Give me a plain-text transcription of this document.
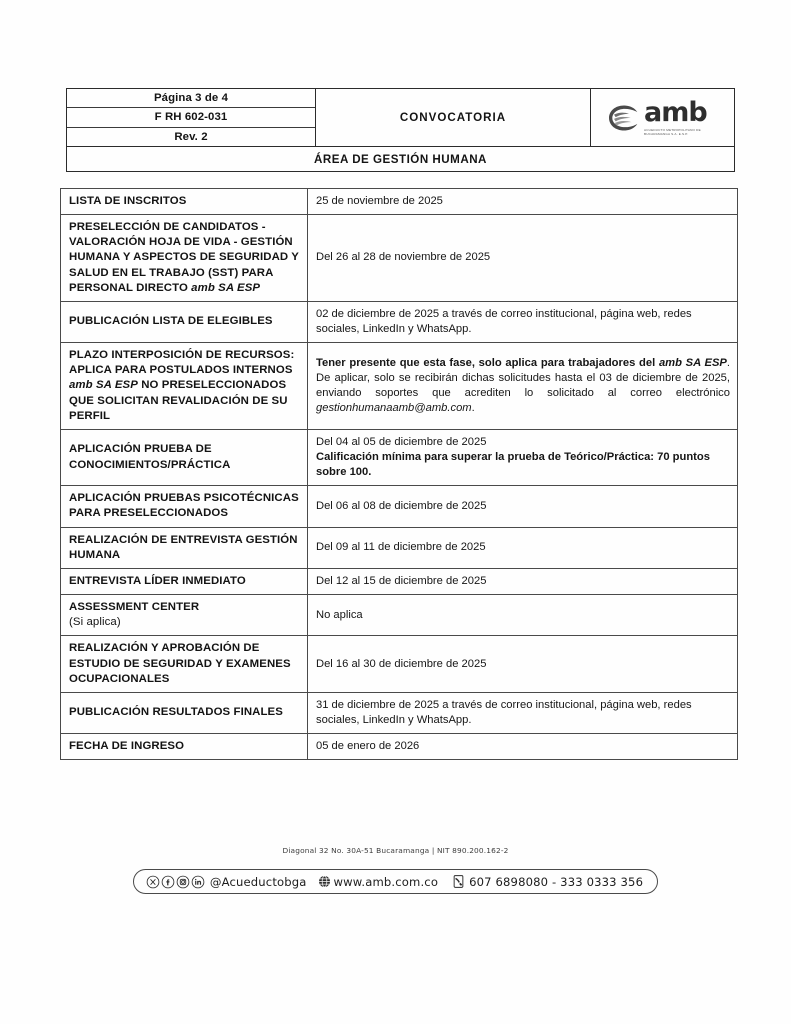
Página 3 de 4
F RH 602-031
Rev. 2
CONVOCATORIA	amb
ACUEDUCTO METROPOLITANO DE BUCARAMANGA S.A. E.S.P.
ÁREA DE GESTIÓN HUMANA
LISTA DE INSCRITOS	25 de noviembre de 2025

PRESELECCIÓN DE CANDIDATOS - VALORACIÓN HOJA DE VIDA - GESTIÓN HUMANA Y ASPECTOS DE SEGURIDAD Y SALUD EN EL TRABAJO (SST) PARA PERSONAL DIRECTO amb SA ESP	Del 26 al 28 de noviembre de 2025

PUBLICACIÓN LISTA DE ELEGIBLES	02 de diciembre de 2025 a través de correo institucional, página web, redes sociales, LinkedIn y WhatsApp.

PLAZO INTERPOSICIÓN DE RECURSOS: APLICA PARA POSTULADOS INTERNOS amb SA ESP NO PRESELECCIONADOS QUE SOLICITAN REVALIDACIÓN DE SU PERFIL	Tener presente que esta fase, solo aplica para trabajadores del amb SA ESP. De aplicar, solo se recibirán dichas solicitudes hasta el 03 de diciembre de 2025, enviando soportes que acrediten lo solicitado al correo electrónico gestionhumanaamb@amb.com.

APLICACIÓN PRUEBA DE CONOCIMIENTOS/PRÁCTICA	Del 04 al 05 de diciembre de 2025
Calificación mínima para superar la prueba de Teórico/Práctica: 70 puntos sobre 100.

APLICACIÓN PRUEBAS PSICOTÉCNICAS PARA PRESELECCIONADOS	Del 06 al 08 de diciembre de 2025

REALIZACIÓN DE ENTREVISTA GESTIÓN HUMANA	Del 09 al 11 de diciembre de 2025

ENTREVISTA LÍDER INMEDIATO	Del 12 al 15 de diciembre de 2025

ASSESSMENT CENTER
(Si aplica)	No aplica

REALIZACIÓN Y APROBACIÓN DE ESTUDIO DE SEGURIDAD Y EXAMENES OCUPACIONALES	Del 16 al 30 de diciembre de 2025

PUBLICACIÓN RESULTADOS FINALES	31 de diciembre de 2025 a través de correo institucional, página web, redes sociales, LinkedIn y WhatsApp.

FECHA DE INGRESO	05 de enero de 2026
Diagonal 32 No. 30A-51 Bucaramanga | NIT 890.200.162-2
@Acueductobga www.amb.com.co	607 6898080 - 333 0333 356
